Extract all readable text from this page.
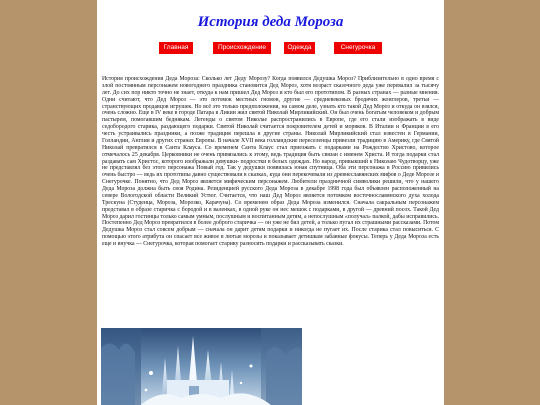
История деда Мороза
Главная	Происхождение	Одежда	Снегурочка

История происхождения Деда Мороза: Сколько лет Деду Морозу? Когда появился Дедушка Мороз? Приблизительно в одно время с злой постоянным персонажем новогоднего праздника становится Дед Мороз, хотя возраст сказочного деда уже перевалил за тысячу лет. До сих пор никто точно не знает, откуда к нам пришел Дед Мороз и кто был его прототипом. В разных странах — разные мнения. Одни считают, что Дед Мороз — это потомок местных гномов, другие — средневековых бродячих жонглеров, третьи — странствующих продавцов игрушек. Но всё это только предположения, на самом деле, узнать кто такой Дед Мороз и откуда он взялся, очень сложно. Еще в IV веке в городе Патара в Ликии жил святой Николай Мирликийский. Он был очень богатым человеком и добрым пастырем, помогавшим беднякам. Легенды о святом Николае распространились в Европе, где его стали изображать в виде седобородого старика, раздающего подарки. Святой Николай считается покровителем детей и моряков. В Италии и Франции в его честь устраивались праздники, а позже традиция перешла в другие страны. Николай Мирликийский стал известен в Германии, Голландии, Англии и других странах Европы. В начале XVII века голландские переселенцы привезли традицию в Америку, где Святой Николай превратился в Санта Клауса. Со временем Санта Клаус стал приезжать с подарками на Рождество Христово, которое отмечалось 25 декабря. Церковники не очень привязались к этому, ведь традиция быть связан с именем Христа. И тогда подарки стал раздавать сам Христос, которого изображали девушки- подростки в белых одеждах. Но народ, привыкший к Николаю Чудотворцу, уже не представлял без этого персонажа Новый год. Так у дедушки появилась юная спутница. Оба эти персонажа в Россию привились очень быстро — ведь их прототипы давно существовали в сказках, куда они перекочевали из древнеславянских мифов о Деде Морозе и Снегурочке. Понятно, что Дед Мороз является мифическим персонажем. Любители праздничной символики решили, что у нашего Деда Мороза должна быть своя Родина. Резиденцией русского Деда Мороза в декабре 1998 года был объявлен расположенный на севере Вологодской области Великий Устюг. Считается, что наш Дед Мороз является потомком восточнославянского духа холода Трескуна (Студенца, Мороза, Морозко, Карачуна). Со временем образ Деда Мороза изменился. Сначала сакральным персонажем представал в образе старичка с бородой и в валенках, в одной руке он нес мешок с подарками, в другой — древний посох. Такой Дед Мороз дарил гостинцы только самым умным, послушным и воспитанным детям, а непослушным «получал» палкой, дабы исправились. Постепенно Дед Мороз превратился в более доброго старичка — он уже не бил детей, а только пугал их страшными рассказами. Потом Дедушка Мороз стал совсем добрым — сначала он дарит детям подарки и никогда не пугает их. После старика стал повыситься. С помощью этого атрибута он спасает все живое в лютые морозы и показывает детишкам забавные фокусы. Теперь у Деда Мороза есть еще и внучка — Снегурочка, которая помогает старику разносить подарки и рассказывать сказки.
